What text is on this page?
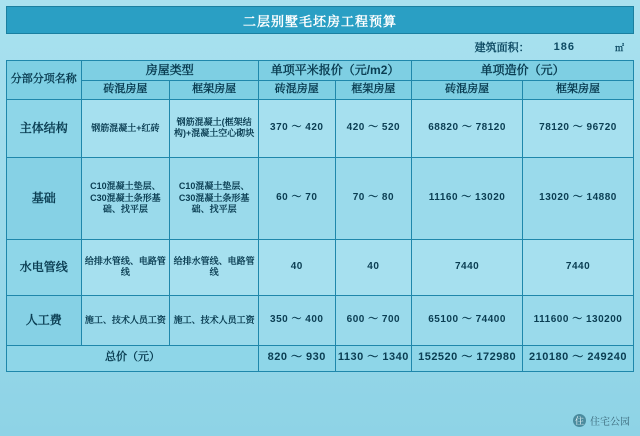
二层别墅毛坯房工程预算
建筑面积： 186	㎡
分部分项名称	房屋类型		单项平米报价（元/m2）		单项造价（元）	
	砖混房屋	框架房屋	砖混房屋	框架房屋	砖混房屋	框架房屋
主体结构	钢筋混凝土+红砖	钢筋混凝土(框架结构)+混凝土空心砌块	370 ～ 420	420 ～ 520	68820 ～ 78120	78120 ～ 96720
基础	C10混凝土垫层、C30混凝土条形基础、找平层	C10混凝土垫层、C30混凝土条形基础、找平层	60 ～ 70	70 ～ 80	11160 ～ 13020	13020 ～ 14880
水电管线	给排水管线、电路管线	给排水管线、电路管线	40	40	7440	7440
人工费	施工、技术人员工资	施工、技术人员工资	350 ～ 400	600 ～ 700	65100 ～ 74400	111600 ～ 130200
总价（元）			820 ～ 930	1130 ～ 1340	152520 ～ 172980	210180 ～ 249240
住 住宅公园
